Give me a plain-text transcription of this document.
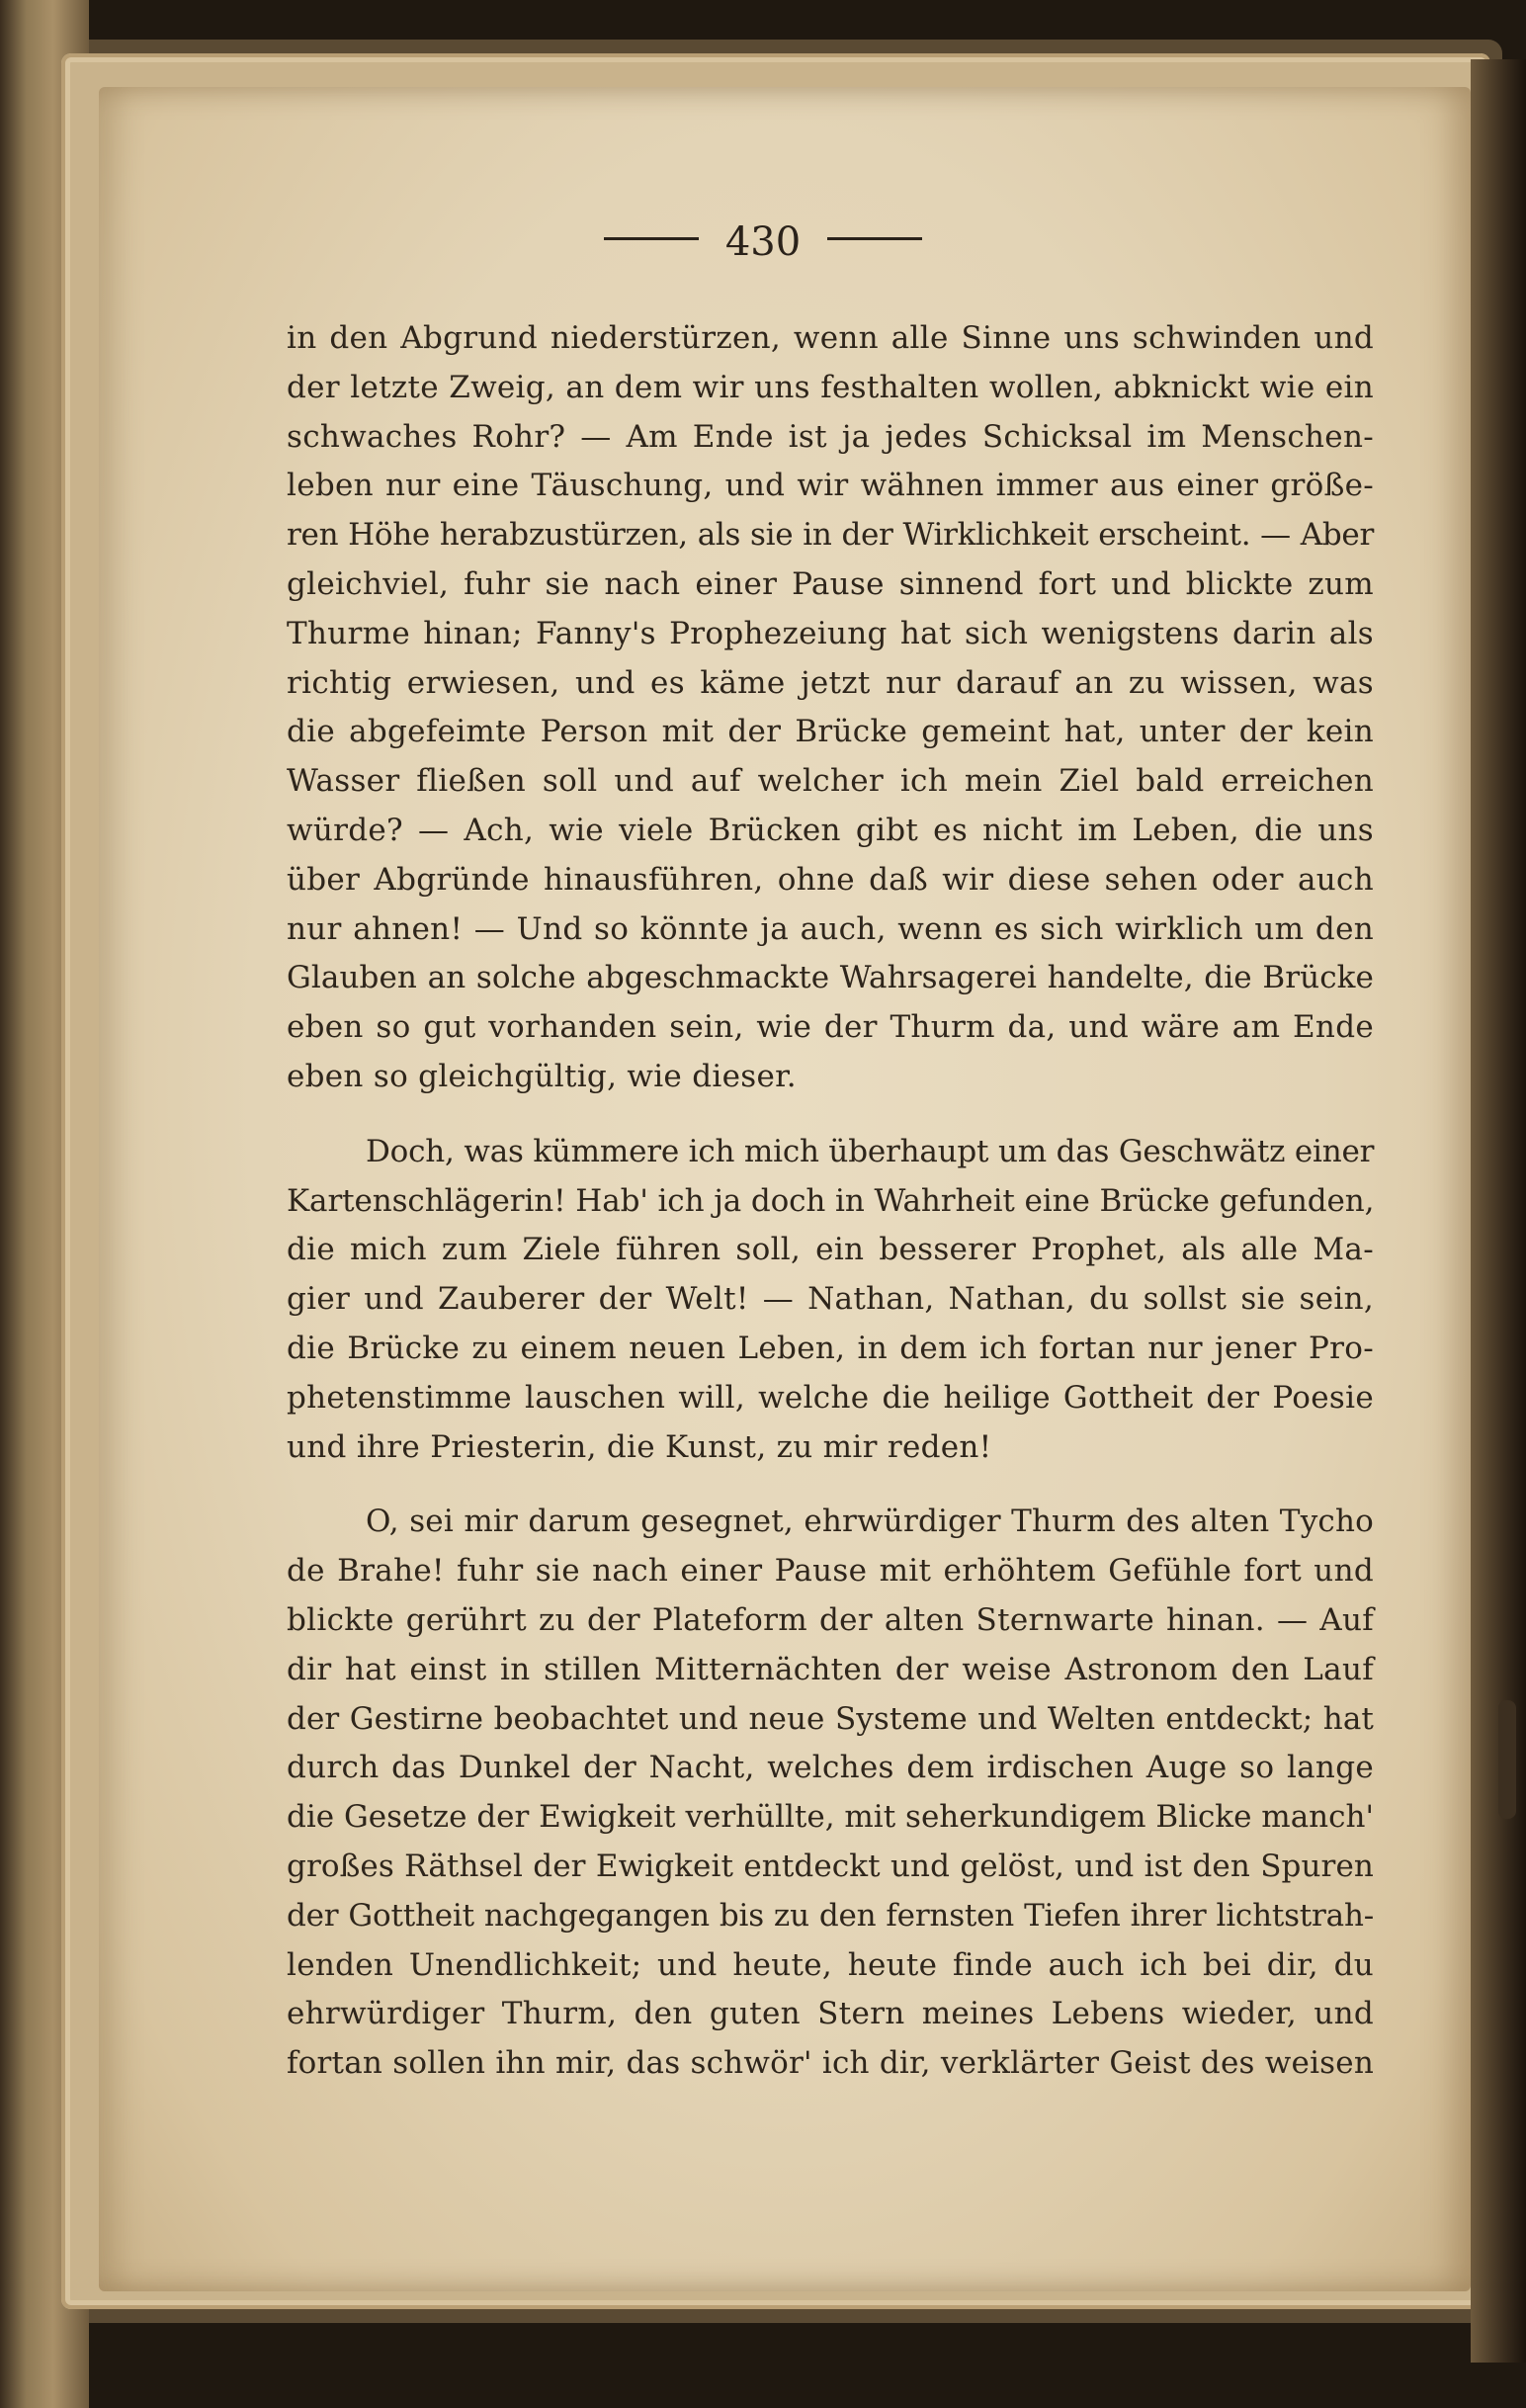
430
in den Abgrund niederstürzen, wenn alle Sinne uns schwinden und
der letzte Zweig, an dem wir uns festhalten wollen, abknickt wie ein
schwaches Rohr? — Am Ende ist ja jedes Schicksal im Menschen-
leben nur eine Täuschung, und wir wähnen immer aus einer größe-
ren Höhe herabzustürzen, als sie in der Wirklichkeit erscheint. — Aber
gleichviel, fuhr sie nach einer Pause sinnend fort und blickte zum
Thurme hinan; Fanny's Prophezeiung hat sich wenigstens darin als
richtig erwiesen, und es käme jetzt nur darauf an zu wissen, was
die abgefeimte Person mit der Brücke gemeint hat, unter der kein
Wasser fließen soll und auf welcher ich mein Ziel bald erreichen
würde? — Ach, wie viele Brücken gibt es nicht im Leben, die uns
über Abgründe hinausführen, ohne daß wir diese sehen oder auch
nur ahnen! — Und so könnte ja auch, wenn es sich wirklich um den
Glauben an solche abgeschmackte Wahrsagerei handelte, die Brücke
eben so gut vorhanden sein, wie der Thurm da, und wäre am Ende
eben so gleichgültig, wie dieser.
Doch, was kümmere ich mich überhaupt um das Geschwätz einer
Kartenschlägerin! Hab' ich ja doch in Wahrheit eine Brücke gefunden,
die mich zum Ziele führen soll, ein besserer Prophet, als alle Ma-
gier und Zauberer der Welt! — Nathan, Nathan, du sollst sie sein,
die Brücke zu einem neuen Leben, in dem ich fortan nur jener Pro-
phetenstimme lauschen will, welche die heilige Gottheit der Poesie
und ihre Priesterin, die Kunst, zu mir reden!
O, sei mir darum gesegnet, ehrwürdiger Thurm des alten Tycho
de Brahe! fuhr sie nach einer Pause mit erhöhtem Gefühle fort und
blickte gerührt zu der Plateform der alten Sternwarte hinan. — Auf
dir hat einst in stillen Mitternächten der weise Astronom den Lauf
der Gestirne beobachtet und neue Systeme und Welten entdeckt; hat
durch das Dunkel der Nacht, welches dem irdischen Auge so lange
die Gesetze der Ewigkeit verhüllte, mit seherkundigem Blicke manch'
großes Räthsel der Ewigkeit entdeckt und gelöst, und ist den Spuren
der Gottheit nachgegangen bis zu den fernsten Tiefen ihrer lichtstrah-
lenden Unendlichkeit; und heute, heute finde auch ich bei dir, du
ehrwürdiger Thurm, den guten Stern meines Lebens wieder, und
fortan sollen ihn mir, das schwör' ich dir, verklärter Geist des weisen
